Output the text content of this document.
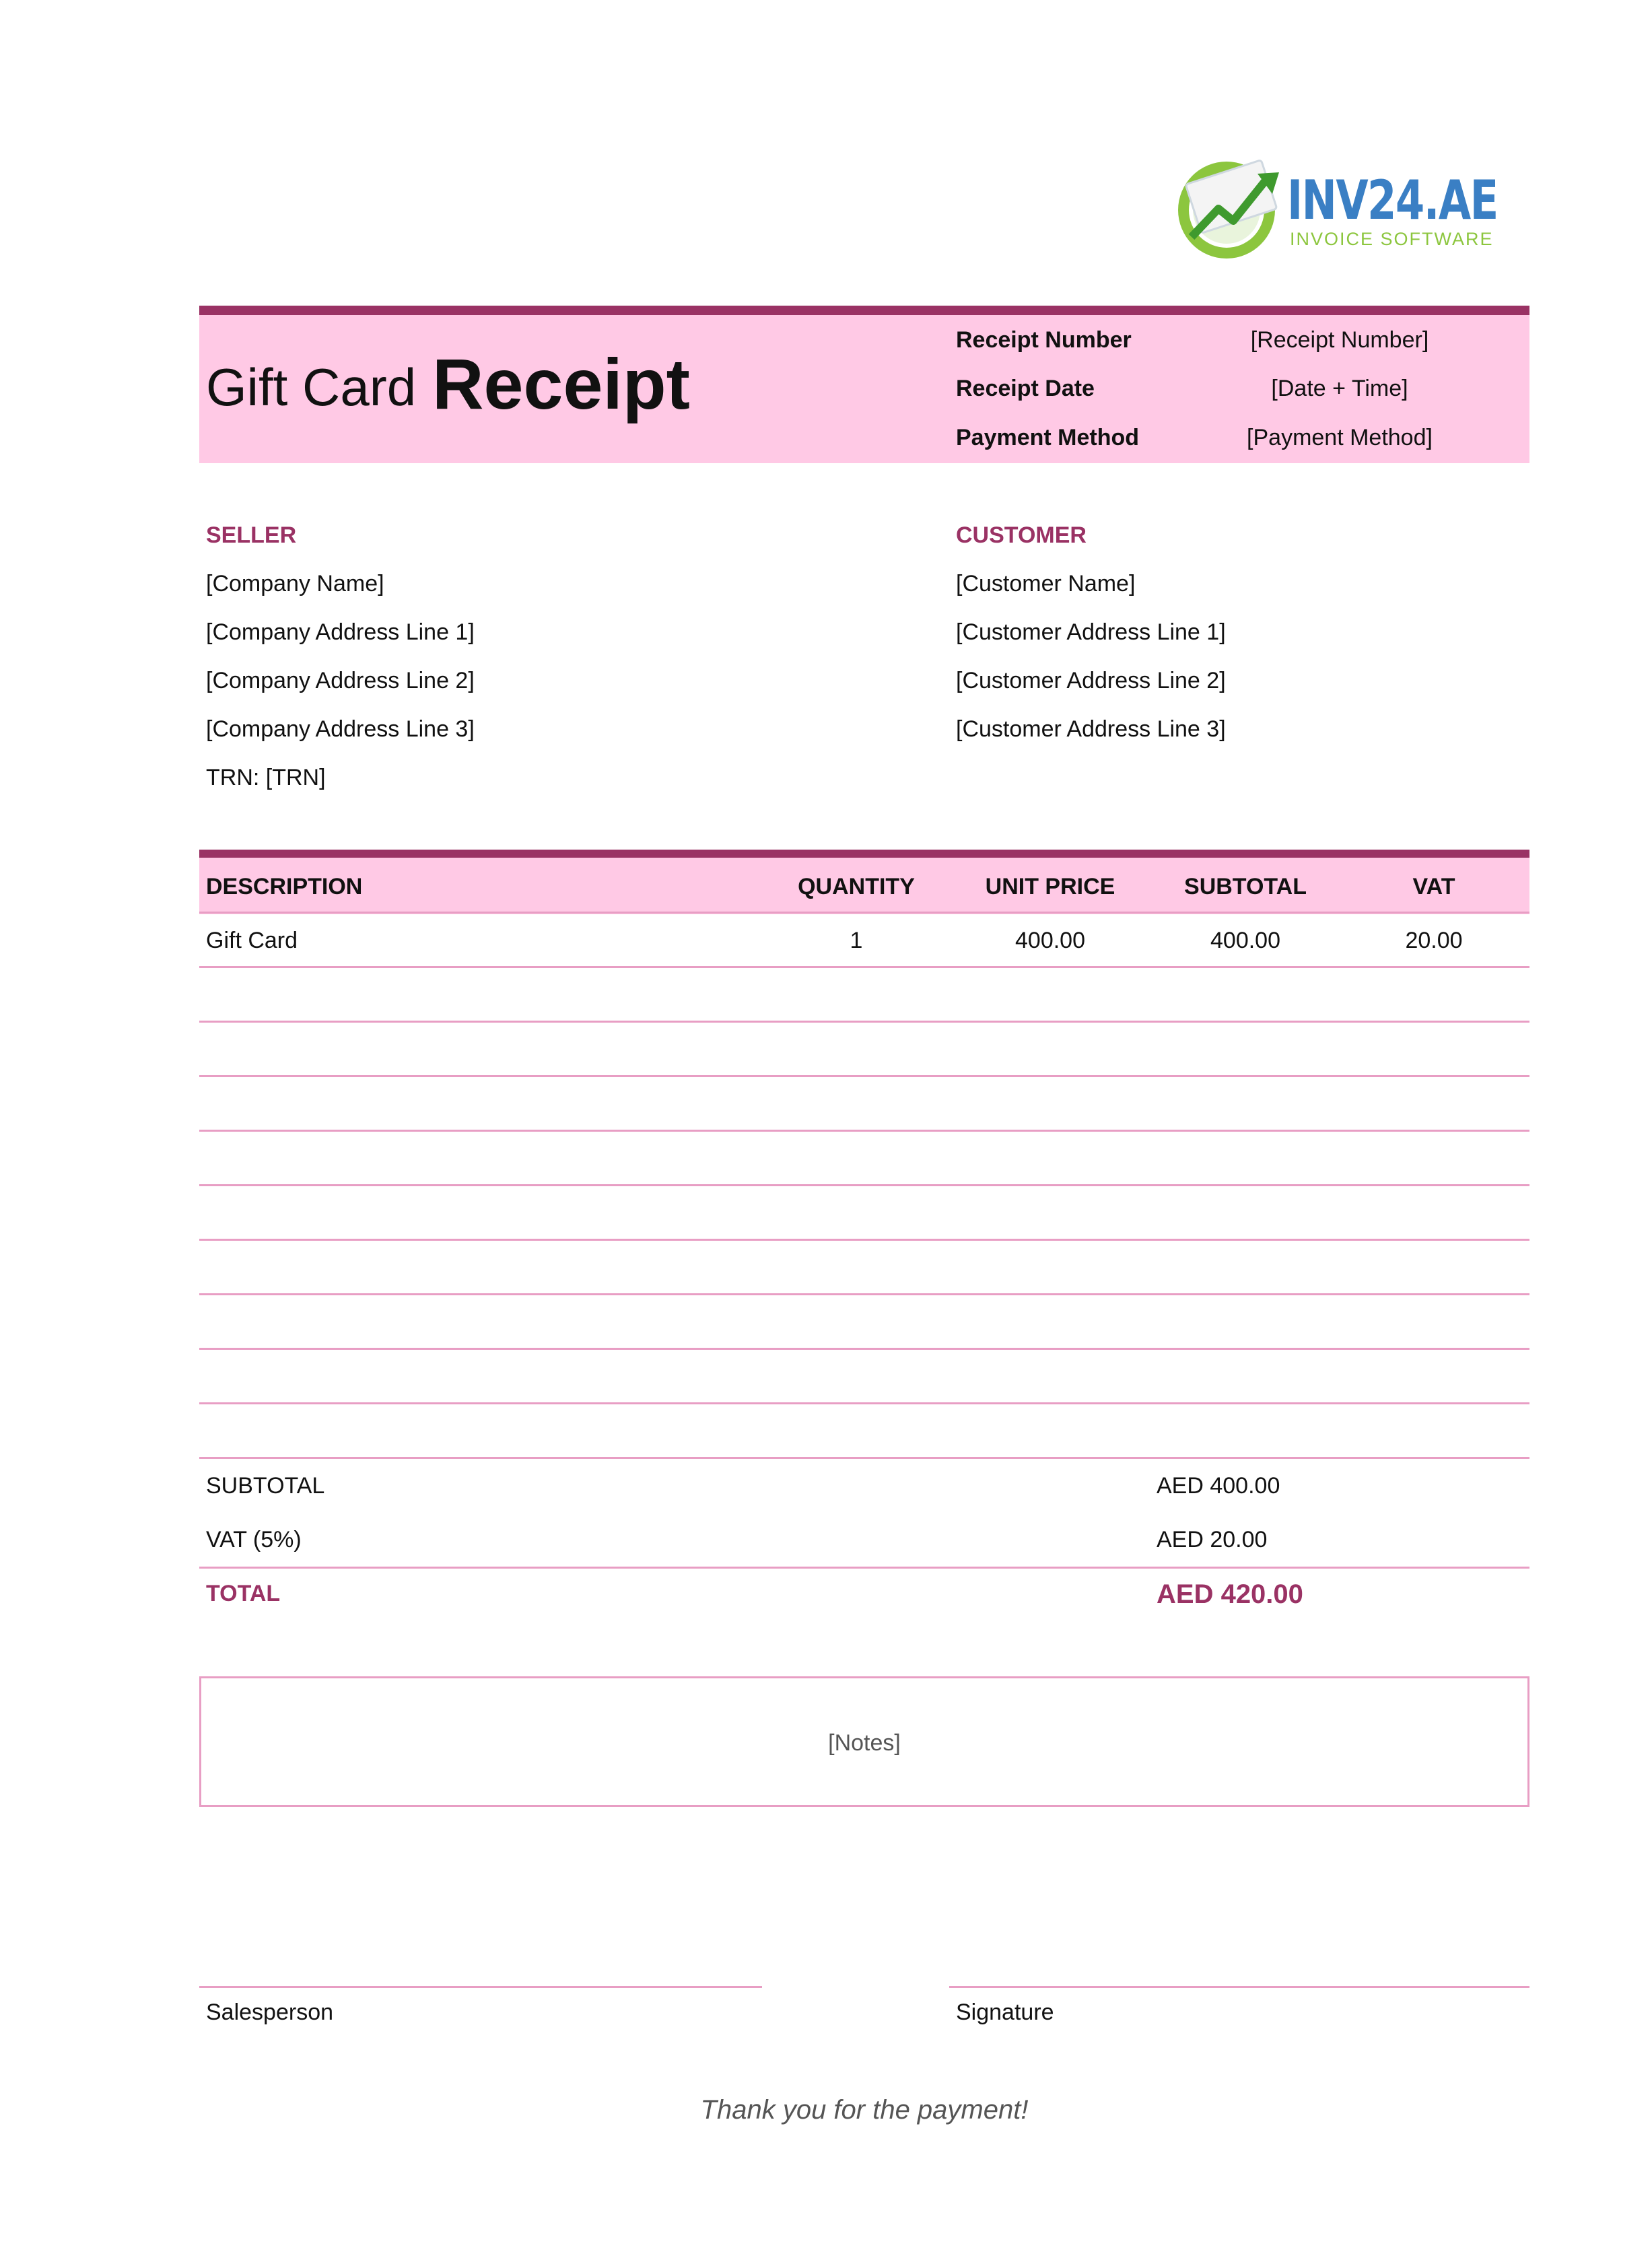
INV24.AE
INVOICE SOFTWARE
Gift Card Receipt
Receipt Number	[Receipt Number]
Receipt Date	[Date + Time]
Payment Method	[Payment Method]
SELLER
[Company Name]
[Company Address Line 1]
[Company Address Line 2]
[Company Address Line 3]
TRN: [TRN]
CUSTOMER
[Customer Name]
[Customer Address Line 1]
[Customer Address Line 2]
[Customer Address Line 3]
DESCRIPTION	QUANTITY	UNIT PRICE	SUBTOTAL	VAT
Gift Card	1	400.00	400.00	20.00
SUBTOTAL	AED 400.00
VAT (5%)	AED 20.00
TOTAL	AED 420.00
[Notes]
Salesperson	Signature
Thank you for the payment!
